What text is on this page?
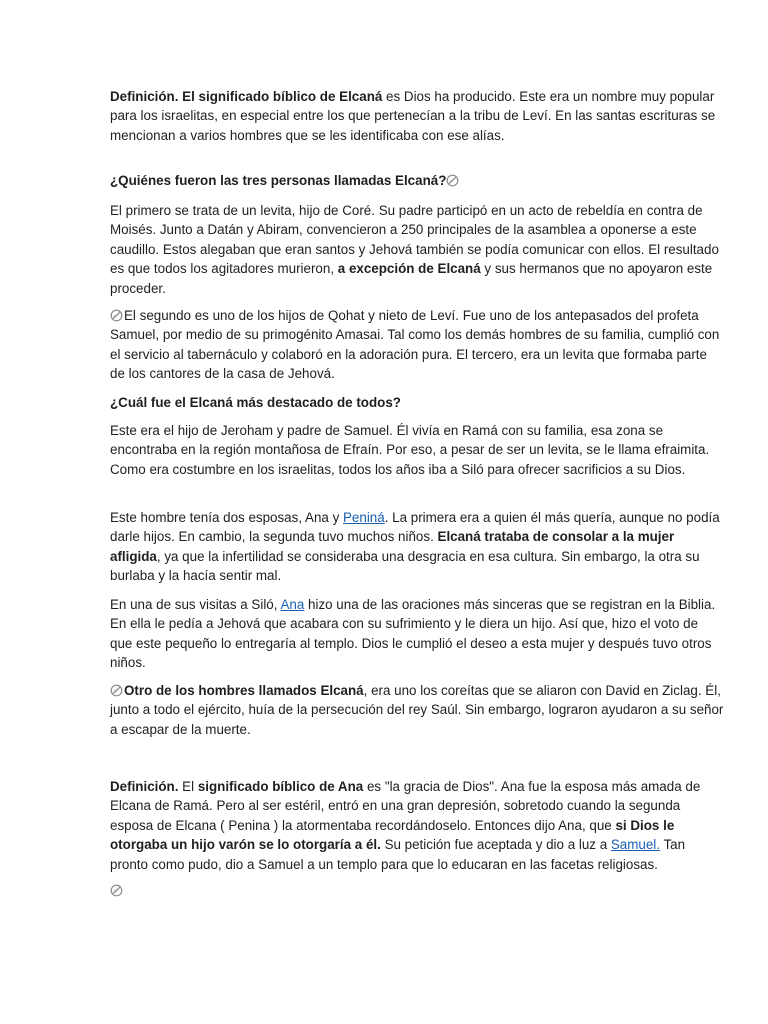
Definición. El significado bíblico de Elcaná es Dios ha producido. Este era un nombre muy popular para los israelitas, en especial entre los que pertenecían a la tribu de Leví. En las santas escrituras se mencionan a varios hombres que se les identificaba con ese alías.

¿Quiénes fueron las tres personas llamadas Elcaná?

El primero se trata de un levita, hijo de Coré. Su padre participó en un acto de rebeldía en contra de Moisés. Junto a Datán y Abiram, convencieron a 250 principales de la asamblea a oponerse a este caudillo. Estos alegaban que eran santos y Jehová también se podía comunicar con ellos. El resultado es que todos los agitadores murieron, a excepción de Elcaná y sus hermanos que no apoyaron este proceder.

El segundo es uno de los hijos de Qohat y nieto de Leví. Fue uno de los antepasados del profeta Samuel, por medio de su primogénito Amasai. Tal como los demás hombres de su familia, cumplió con el servicio al tabernáculo y colaboró en la adoración pura. El tercero, era un levita que formaba parte de los cantores de la casa de Jehová.

¿Cuál fue el Elcaná más destacado de todos?

Este era el hijo de Jeroham y padre de Samuel. Él vivía en Ramá con su familia, esa zona se encontraba en la región montañosa de Efraín. Por eso, a pesar de ser un levita, se le llama efraimita. Como era costumbre en los israelitas, todos los años iba a Siló para ofrecer sacrificios a su Dios.

Este hombre tenía dos esposas, Ana y Peniná. La primera era a quien él más quería, aunque no podía darle hijos. En cambio, la segunda tuvo muchos niños. Elcaná trataba de consolar a la mujer afligida, ya que la infertilidad se consideraba una desgracia en esa cultura. Sin embargo, la otra su burlaba y la hacía sentir mal.

En una de sus visitas a Siló, Ana hizo una de las oraciones más sinceras que se registran en la Biblia. En ella le pedía a Jehová que acabara con su sufrimiento y le diera un hijo. Así que, hizo el voto de que este pequeño lo entregaría al templo. Dios le cumplió el deseo a esta mujer y después tuvo otros niños.

Otro de los hombres llamados Elcaná, era uno los coreítas que se aliaron con David en Ziclag. Él, junto a todo el ejército, huía de la persecución del rey Saúl. Sin embargo, lograron ayudaron a su señor a escapar de la muerte.

Definición. El significado bíblico de Ana es "la gracia de Dios". Ana fue la esposa más amada de Elcana de Ramá. Pero al ser estéril, entró en una gran depresión, sobretodo cuando la segunda esposa de Elcana ( Penina ) la atormentaba recordándoselo. Entonces dijo Ana, que si Dios le otorgaba un hijo varón se lo otorgaría a él. Su petición fue aceptada y dio a luz a Samuel. Tan pronto como pudo, dio a Samuel a un templo para que lo educaran en las facetas religiosas.
